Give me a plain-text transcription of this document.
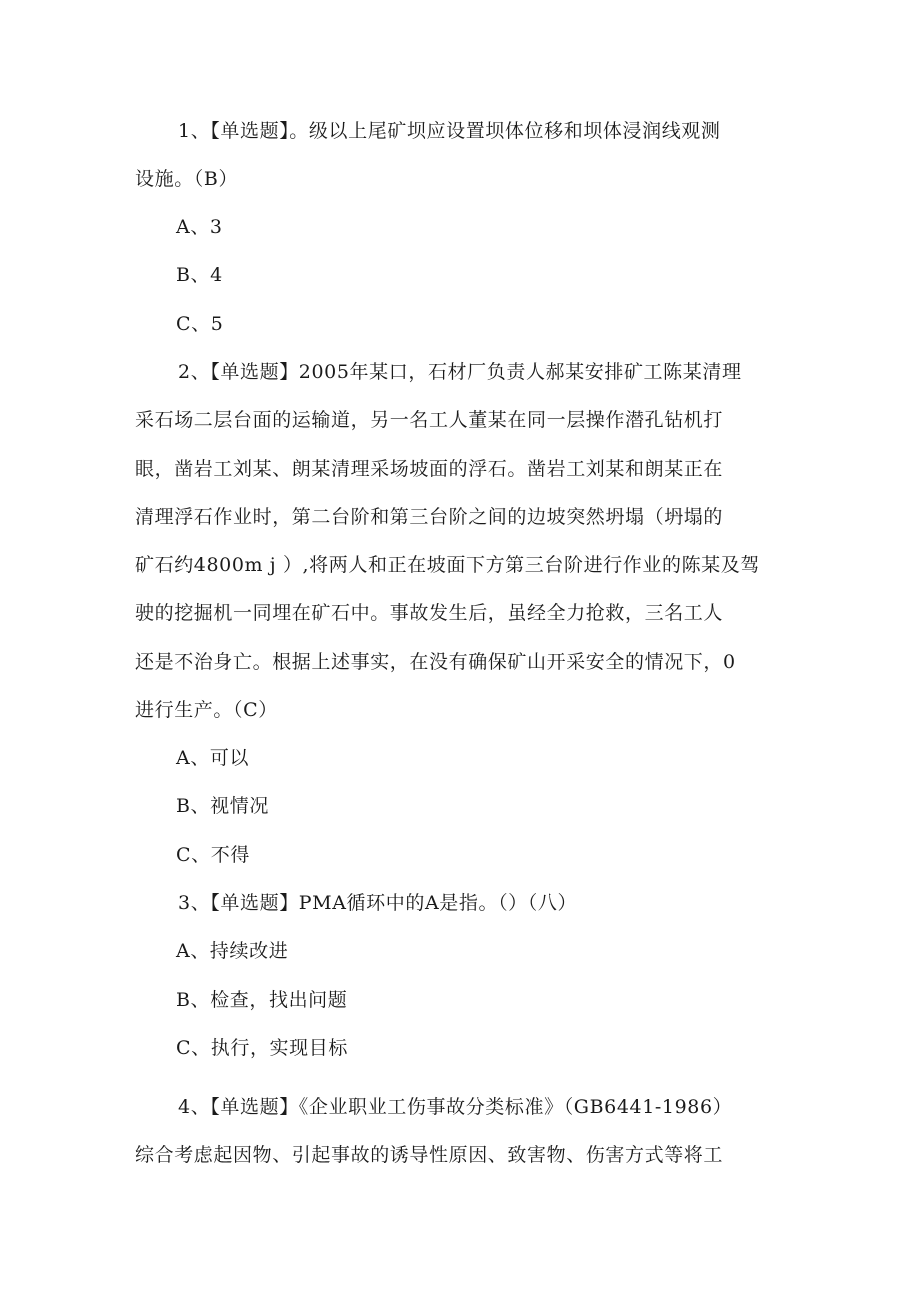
1、【单选题】。级以上尾矿坝应设置坝体位移和坝体浸润线观测
设施。（B）
A、3
B、4
C、5
2、【单选题】2005年某口，石材厂负责人郝某安排矿工陈某清理
采石场二层台面的运输道，另一名工人董某在同一层操作潜孔钻机打
眼，凿岩工刘某、朗某清理采场坡面的浮石。凿岩工刘某和朗某正在
清理浮石作业时，第二台阶和第三台阶之间的边坡突然坍塌（坍塌的
矿石约4800m j ）,将两人和正在坡面下方第三台阶进行作业的陈某及驾
驶的挖掘机一同埋在矿石中。事故发生后，虽经全力抢救，三名工人
还是不治身亡。根据上述事实，在没有确保矿山开采安全的情况下，0
进行生产。（C）
A、可以
B、视情况
C、不得
3、【单选题】PMA循环中的A是指。（）（八）
A、持续改进
B、检查，找出问题
C、执行，实现目标
4、【单选题】《企业职业工伤事故分类标准》（GB6441-1986）
综合考虑起因物、引起事故的诱导性原因、致害物、伤害方式等将工
